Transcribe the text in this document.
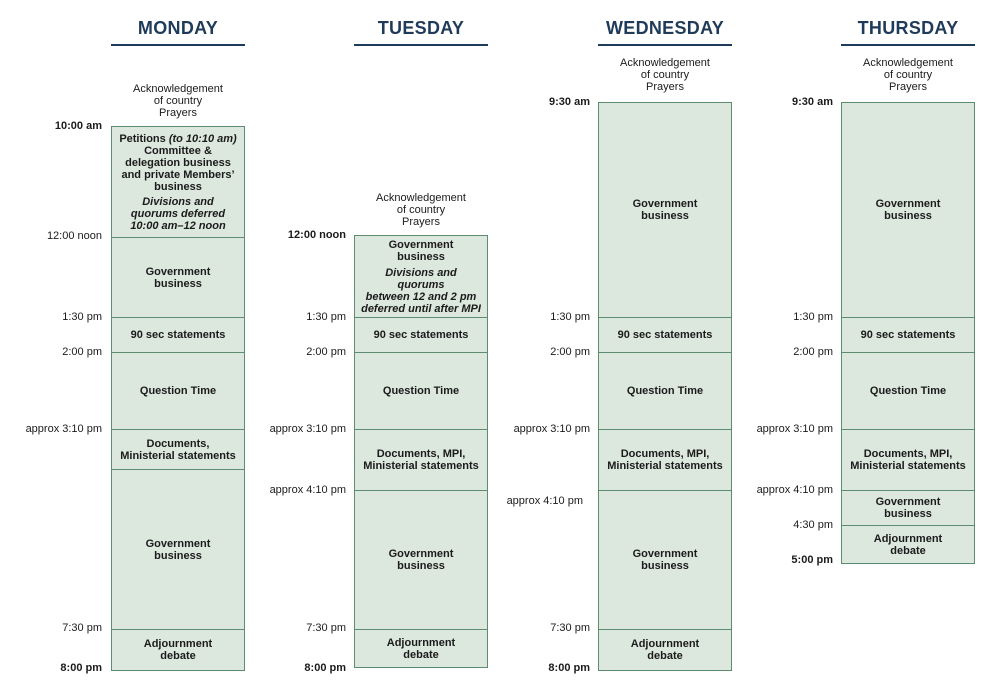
MONDAY
Acknowledgement
of country
Prayers
Petitions (to 10:10 am)
Committee &
delegation business
and private Members’
business
Divisions and
quorums deferred
10:00 am–12 noon
Government
business
90 sec statements
Question Time
Documents,
Ministerial statements
Government
business
Adjournment
debate
10:00 am
12:00 noon
1:30 pm
2:00 pm
approx 3:10 pm
7:30 pm
8:00 pm
TUESDAY
Acknowledgement
of country
Prayers
Government
business
Divisions and quorums
between 12 and 2 pm
deferred until after MPI
90 sec statements
Question Time
Documents, MPI,
Ministerial statements
Government
business
Adjournment
debate
12:00 noon
1:30 pm
2:00 pm
approx 3:10 pm
approx 4:10 pm
7:30 pm
8:00 pm
WEDNESDAY
Acknowledgement
of country
Prayers
Government
business
90 sec statements
Question Time
Documents, MPI,
Ministerial statements
Government
business
Adjournment
debate
9:30 am
1:30 pm
2:00 pm
approx 3:10 pm
approx 4:10 pm
7:30 pm
8:00 pm
THURSDAY
Acknowledgement
of country
Prayers
Government
business
90 sec statements
Question Time
Documents, MPI,
Ministerial statements
Government
business
Adjournment
debate
9:30 am
1:30 pm
2:00 pm
approx 3:10 pm
approx 4:10 pm
4:30 pm
5:00 pm
